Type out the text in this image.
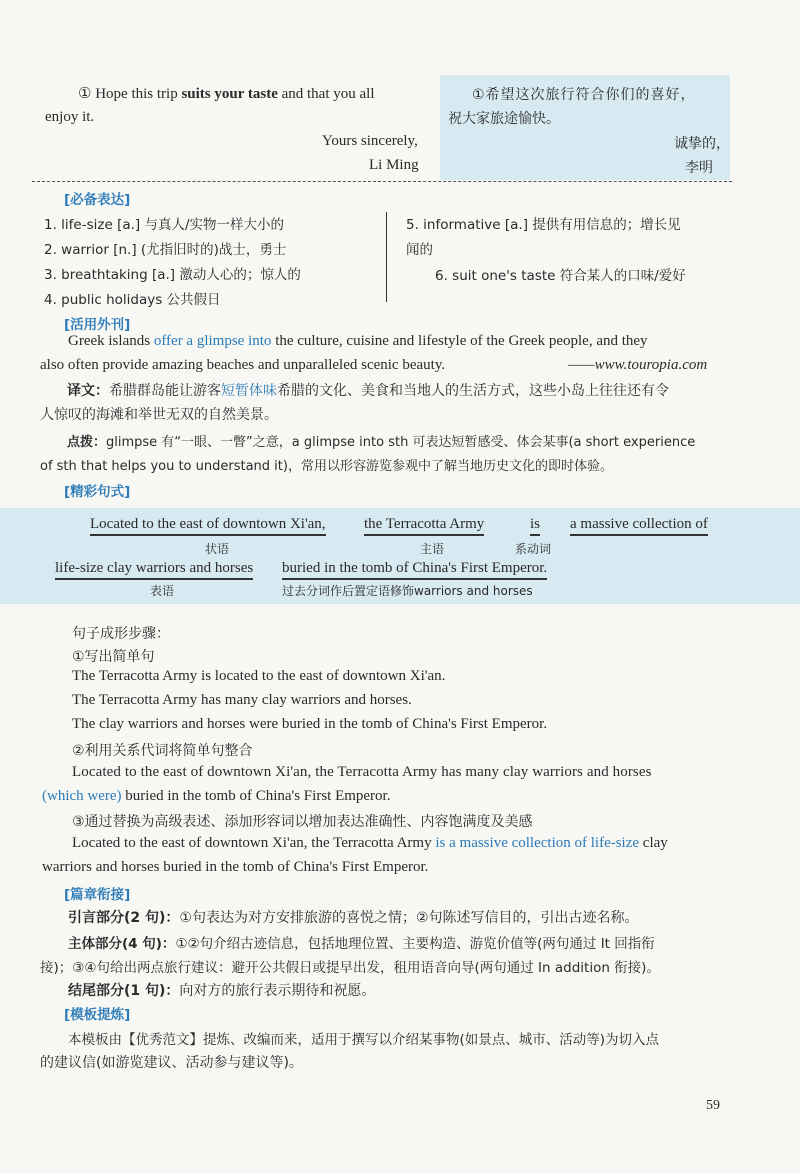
① Hope this trip suits your taste and that you all
enjoy it.
Yours sincerely,
Li Ming
①希望这次旅行符合你们的喜好，
祝大家旅途愉快。
诚挚的，
李明
[必备表达]
1. life-size [a.] 与真人/实物一样大小的
2. warrior [n.] (尤指旧时的)战士，勇士
3. breathtaking [a.] 激动人心的；惊人的
4. public holidays 公共假日
5. informative [a.] 提供有用信息的；增长见
闻的
6. suit one's taste 符合某人的口味/爱好
[活用外刊]
Greek islands offer a glimpse into the culture, cuisine and lifestyle of the Greek people, and they
also often provide amazing beaches and unparalleled scenic beauty.	——www.touropia.com
译文：希腊群岛能让游客短暂体味希腊的文化、美食和当地人的生活方式，这些小岛上往往还有令
人惊叹的海滩和举世无双的自然美景。
点拨：glimpse 有“一眼、一瞥”之意，a glimpse into sth 可表达短暂感受、体会某事(a short experience
of sth that helps you to understand it)，常用以形容游览参观中了解当地历史文化的即时体验。
[精彩句式]
Located to the east of downtown Xi'an,
状语
the Terracotta Army
主语
is
系动词
a massive collection of
life-size clay warriors and horses
表语
buried in the tomb of China's First Emperor.
过去分词作后置定语修饰warriors and horses
句子成形步骤：
①写出简单句
The Terracotta Army is located to the east of downtown Xi'an.
The Terracotta Army has many clay warriors and horses.
The clay warriors and horses were buried in the tomb of China's First Emperor.
②利用关系代词将简单句整合
Located to the east of downtown Xi'an, the Terracotta Army has many clay warriors and horses
(which were) buried in the tomb of China's First Emperor.
③通过替换为高级表述、添加形容词以增加表达准确性、内容饱满度及美感
Located to the east of downtown Xi'an, the Terracotta Army is a massive collection of life-size clay
warriors and horses buried in the tomb of China's First Emperor.
[篇章衔接]
引言部分(2 句)：①句表达为对方安排旅游的喜悦之情；②句陈述写信目的，引出古迹名称。
主体部分(4 句)：①②句介绍古迹信息，包括地理位置、主要构造、游览价值等(两句通过 It 回指衔
接)；③④句给出两点旅行建议：避开公共假日或提早出发，租用语音向导(两句通过 In addition 衔接)。
结尾部分(1 句)：向对方的旅行表示期待和祝愿。
[模板提炼]
本模板由【优秀范文】提炼、改编而来，适用于撰写以介绍某事物(如景点、城市、活动等)为切入点
的建议信(如游览建议、活动参与建议等)。
59
